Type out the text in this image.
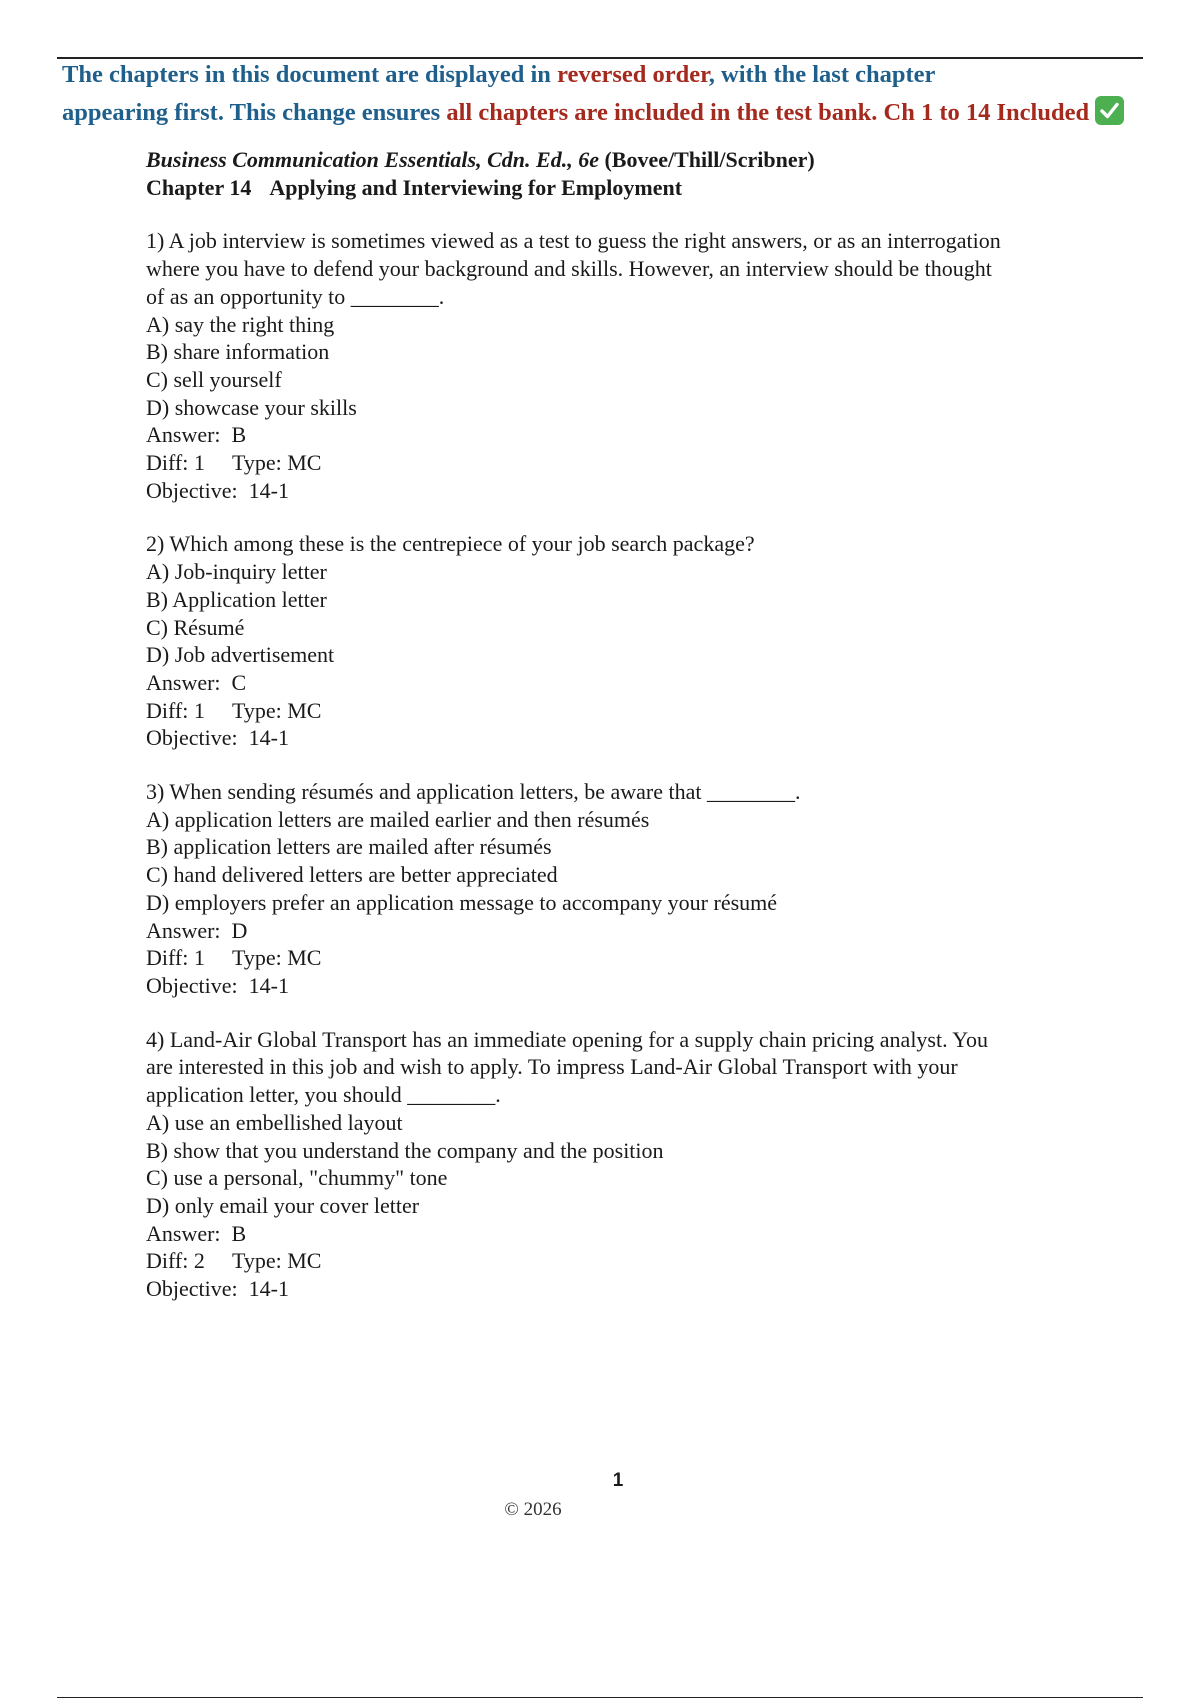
The chapters in this document are displayed in reversed order, with the last chapter
appearing first. This change ensures all chapters are included in the test bank. Ch 1 to 14 Included
Business Communication Essentials, Cdn. Ed., 6e (Bovee/Thill/Scribner)
Chapter 14 Applying and Interviewing for Employment
1) A job interview is sometimes viewed as a test to guess the right answers, or as an interrogation
where you have to defend your background and skills. However, an interview should be thought
of as an opportunity to ________.
A) say the right thing
B) share information
C) sell yourself
D) showcase your skills
Answer:  B
Diff: 1     Type: MC
Objective:  14-1
2) Which among these is the centrepiece of your job search package?
A) Job-inquiry letter
B) Application letter
C) Résumé
D) Job advertisement
Answer:  C
Diff: 1     Type: MC
Objective:  14-1
3) When sending résumés and application letters, be aware that ________.
A) application letters are mailed earlier and then résumés
B) application letters are mailed after résumés
C) hand delivered letters are better appreciated
D) employers prefer an application message to accompany your résumé
Answer:  D
Diff: 1     Type: MC
Objective:  14-1
4) Land-Air Global Transport has an immediate opening for a supply chain pricing analyst. You
are interested in this job and wish to apply. To impress Land-Air Global Transport with your
application letter, you should ________.
A) use an embellished layout
B) show that you understand the company and the position
C) use a personal, "chummy" tone
D) only email your cover letter
Answer:  B
Diff: 2     Type: MC
Objective:  14-1
1
© 2026
